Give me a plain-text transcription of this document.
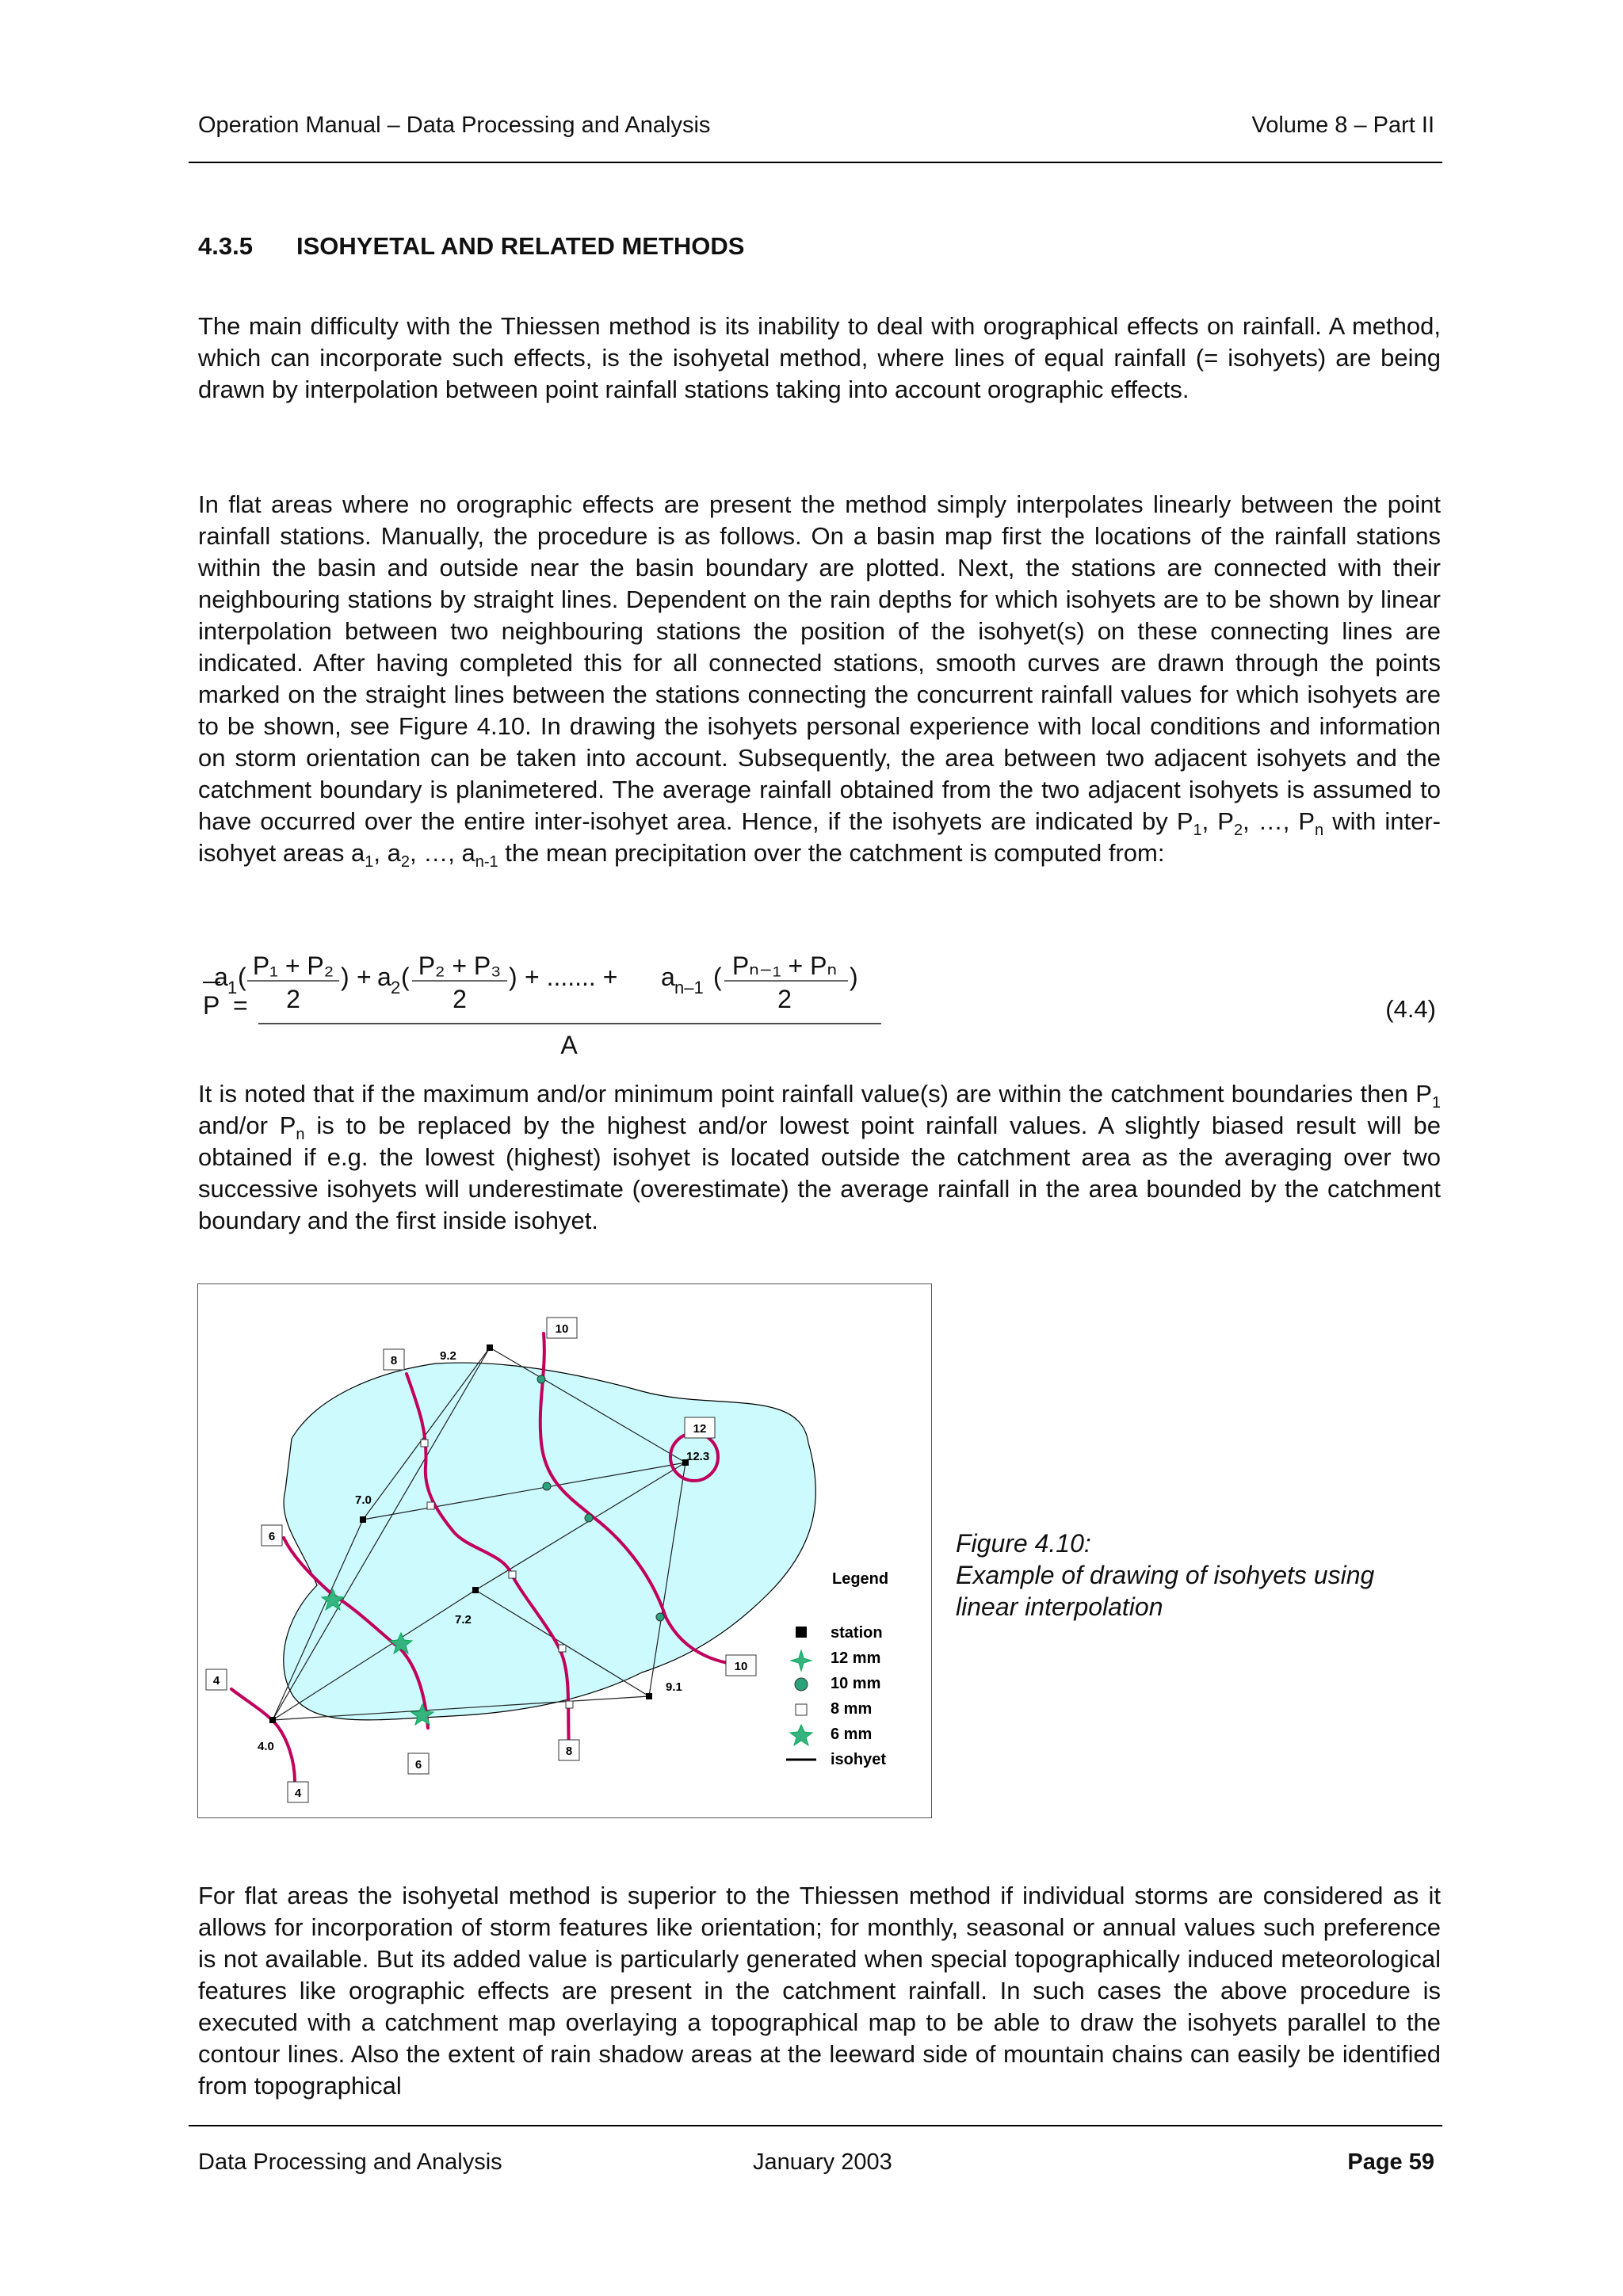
Operation Manual – Data Processing and Analysis	Volume 8 – Part II
4.3.5 ISOHYETAL AND RELATED METHODS

The main difficulty with the Thiessen method is its inability to deal with orographical effects on rainfall. A method, which can incorporate such effects, is the isohyetal method, where lines of equal rainfall (= isohyets) are being drawn by interpolation between point rainfall stations taking into account orographic effects.

In flat areas where no orographic effects are present the method simply interpolates linearly between the point rainfall stations. Manually, the procedure is as follows. On a basin map first the locations of the rainfall stations within the basin and outside near the basin boundary are plotted. Next, the stations are connected with their neighbouring stations by straight lines. Dependent on the rain depths for which isohyets are to be shown by linear interpolation between two neighbouring stations the position of the isohyet(s) on these connecting lines are indicated. After having completed this for all connected stations, smooth curves are drawn through the points marked on the straight lines between the stations connecting the concurrent rainfall values for which isohyets are to be shown, see Figure 4.10. In drawing the isohyets personal experience with local conditions and information on storm orientation can be taken into account. Subsequently, the area between two adjacent isohyets and the catchment boundary is planimetered. The average rainfall obtained from the two adjacent isohyets is assumed to have occurred over the entire inter-isohyet area. Hence, if the isohyets are indicated by $P_1$, $P_2$, …, $P_n$ with inter-isohyet areas $a_1$, $a_2$, …, $a_{n-1}$ the mean precipitation over the catchment is computed from:

P =
a 1 ( P₁ + P₂
2
) + a 2 ( P₂ + P₃
2
) + ....... + a n–1 ( Pₙ₋₁ + Pₙ
2
)
A
(4.4)

It is noted that if the maximum and/or minimum point rainfall value(s) are within the catchment boundaries then $P_1$ and/or $P_n$ is to be replaced by the highest and/or lowest point rainfall values. A slightly biased result will be obtained if e.g. the lowest (highest) isohyet is located outside the catchment area as the averaging over two successive isohyets will underestimate (overestimate) the average rainfall in the area bounded by the catchment boundary and the first inside isohyet.

9.2
7.0
12.3
7.2
9.1
4.0
8
10
12
6
4
10
8
6
4
Legend
station
12 mm
10 mm
8 mm
6 mm
isohyet
Figure 4.10:
Example of drawing of isohyets using
linear interpolation

For flat areas the isohyetal method is superior to the Thiessen method if individual storms are considered as it allows for incorporation of storm features like orientation; for monthly, seasonal or annual values such preference is not available. But its added value is particularly generated when special topographically induced meteorological features like orographic effects are present in the catchment rainfall. In such cases the above procedure is executed with a catchment map overlaying a topographical map to be able to draw the isohyets parallel to the contour lines. Also the extent of rain shadow areas at the leeward side of mountain chains can easily be identified from topographical

Data Processing and Analysis	January 2003	Page 59
